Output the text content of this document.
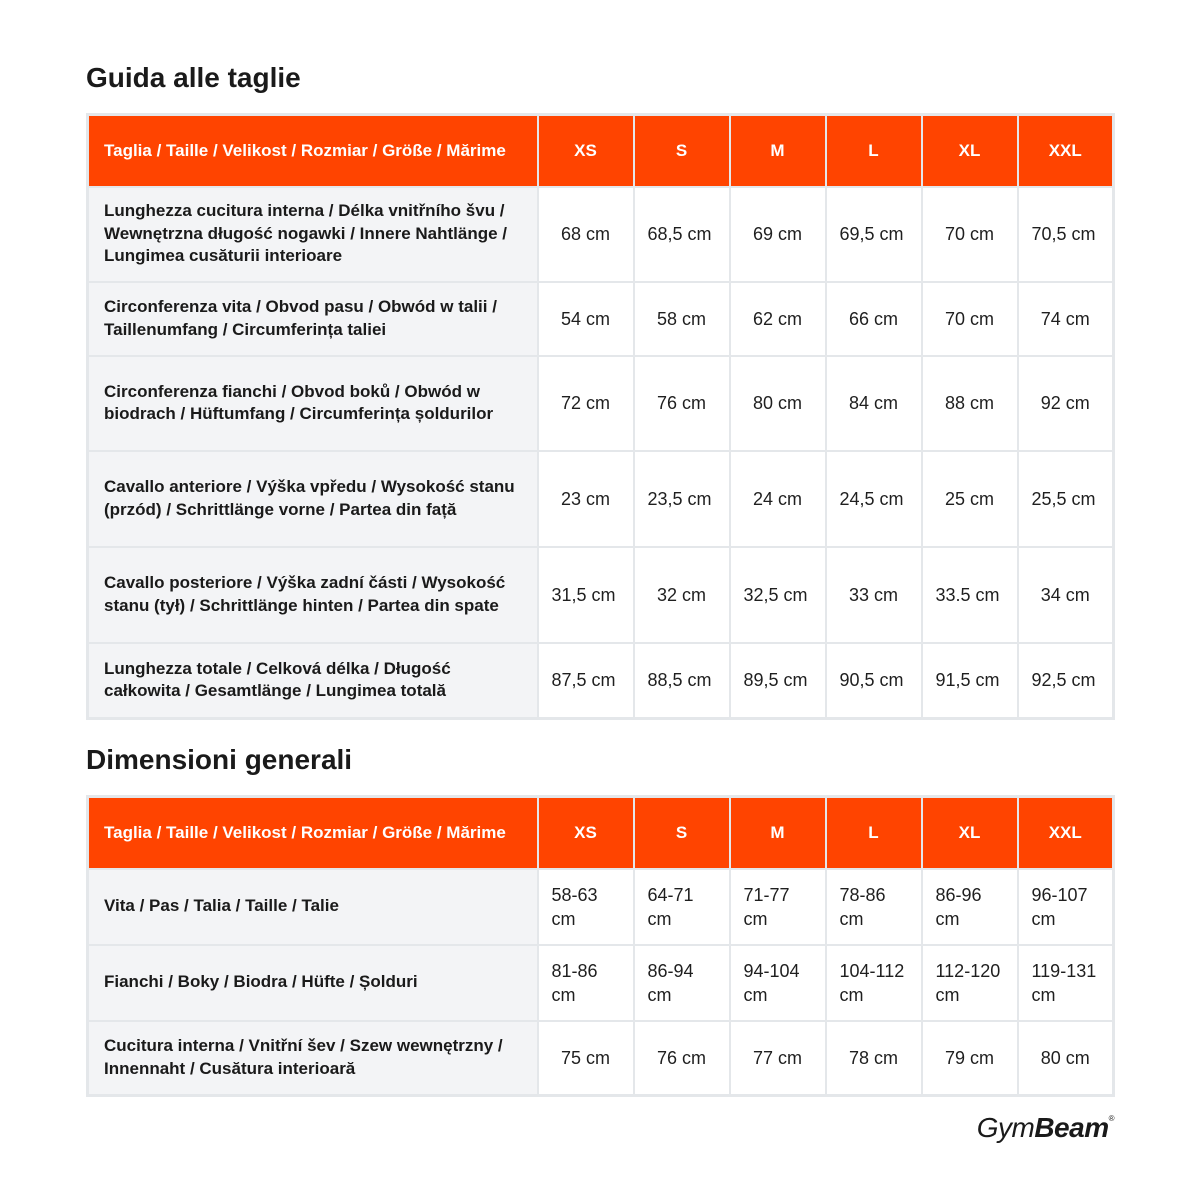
Guida alle taglie
Taglia / Taille / Velikost / Rozmiar / Größe / Mărime	XS	S	M	L	XL	XXL
Lunghezza cucitura interna / Délka vnitřního švu / Wewnętrzna długość nogawki / Innere Nahtlänge / Lungimea cusăturii interioare	68 cm	68,5 cm	69 cm	69,5 cm	70 cm	70,5 cm
Circonferenza vita / Obvod pasu / Obwód w talii / Taillenumfang / Circumferința taliei	54 cm	58 cm	62 cm	66 cm	70 cm	74 cm
Circonferenza fianchi / Obvod boků / Obwód w biodrach / Hüftumfang / Circumferința șoldurilor	72 cm	76 cm	80 cm	84 cm	88 cm	92 cm
Cavallo anteriore / Výška vpředu / Wysokość stanu (przód) / Schrittlänge vorne / Partea din față	23 cm	23,5 cm	24 cm	24,5 cm	25 cm	25,5 cm
Cavallo posteriore / Výška zadní části / Wysokość stanu (tył) / Schrittlänge hinten / Partea din spate	31,5 cm	32 cm	32,5 cm	33 cm	33.5 cm	34 cm
Lunghezza totale / Celková délka / Długość całkowita / Gesamtlänge / Lungimea totală	87,5 cm	88,5 cm	89,5 cm	90,5 cm	91,5 cm	92,5 cm
Dimensioni generali
Taglia / Taille / Velikost / Rozmiar / Größe / Mărime	XS	S	M	L	XL	XXL
Vita / Pas / Talia / Taille / Talie	58-63 cm	64-71 cm	71-77 cm	78-86 cm	86-96 cm	96-107 cm
Fianchi / Boky / Biodra / Hüfte / Șolduri	81-86 cm	86-94 cm	94-104 cm	104-112 cm	112-120 cm	119-131 cm
Cucitura interna / Vnitřní šev / Szew wewnętrzny / Innennaht / Cusătura interioară	75 cm	76 cm	77 cm	78 cm	79 cm	80 cm
GymBeam®
